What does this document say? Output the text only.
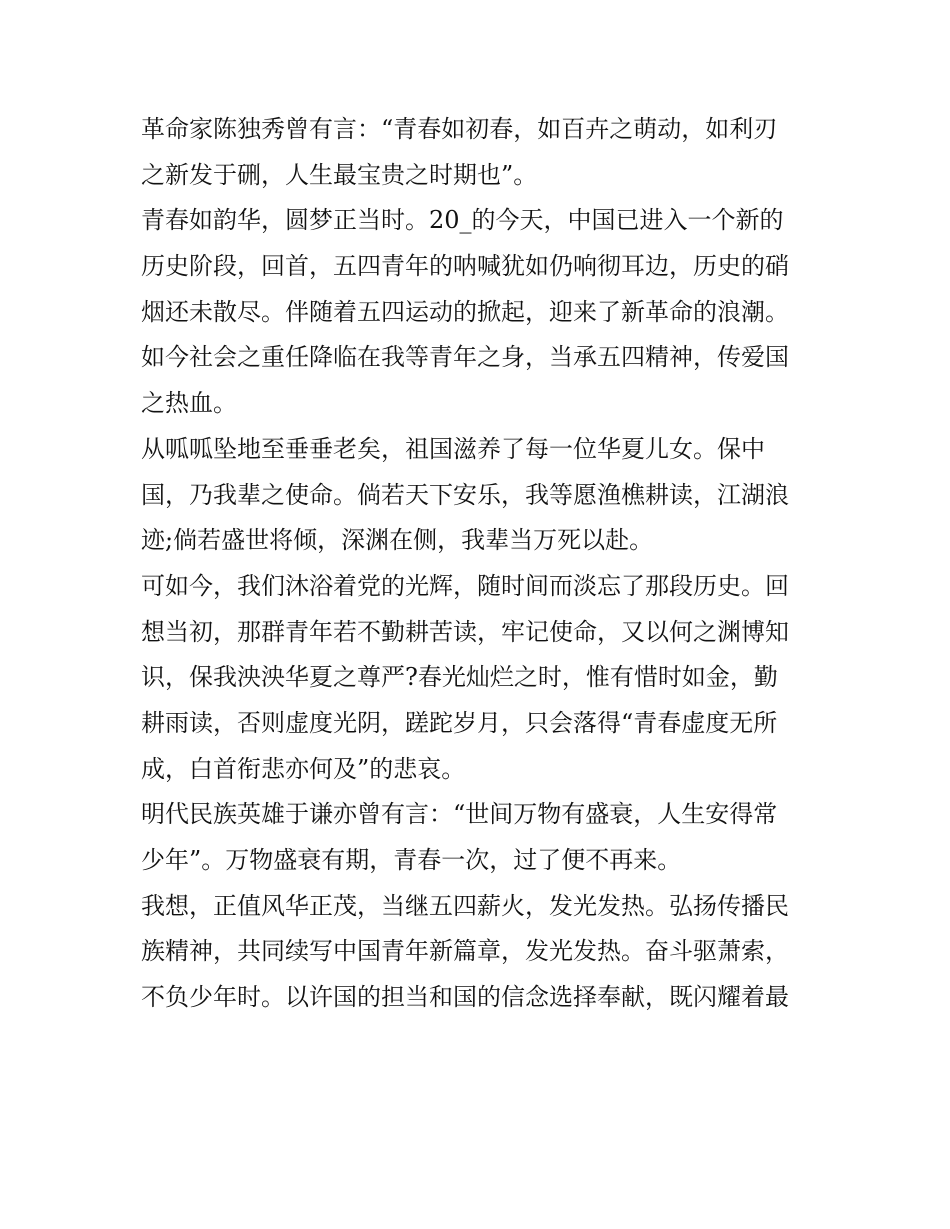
革命家陈独秀曾有言：“青春如初春，如百卉之萌动，如利刃
之新发于硎，人生最宝贵之时期也”。
青春如韵华，圆梦正当时。20_的今天，中国已进入一个新的
历史阶段，回首，五四青年的呐喊犹如仍响彻耳边，历史的硝
烟还未散尽。伴随着五四运动的掀起，迎来了新革命的浪潮。
如今社会之重任降临在我等青年之身，当承五四精神，传爱国
之热血。
从呱呱坠地至垂垂老矣，祖国滋养了每一位华夏儿女。保中
国，乃我辈之使命。倘若天下安乐，我等愿渔樵耕读，江湖浪
迹;倘若盛世将倾，深渊在侧，我辈当万死以赴。
可如今，我们沐浴着党的光辉，随时间而淡忘了那段历史。回
想当初，那群青年若不勤耕苦读，牢记使命，又以何之渊博知
识，保我泱泱华夏之尊严?春光灿烂之时，惟有惜时如金，勤
耕雨读，否则虚度光阴，蹉跎岁月，只会落得“青春虚度无所
成，白首衔悲亦何及”的悲哀。
明代民族英雄于谦亦曾有言：“世间万物有盛衰，人生安得常
少年”。万物盛衰有期，青春一次，过了便不再来。
我想，正值风华正茂，当继五四薪火，发光发热。弘扬传播民
族精神，共同续写中国青年新篇章，发光发热。奋斗驱萧索，
不负少年时。以许国的担当和国的信念选择奉献，既闪耀着最
